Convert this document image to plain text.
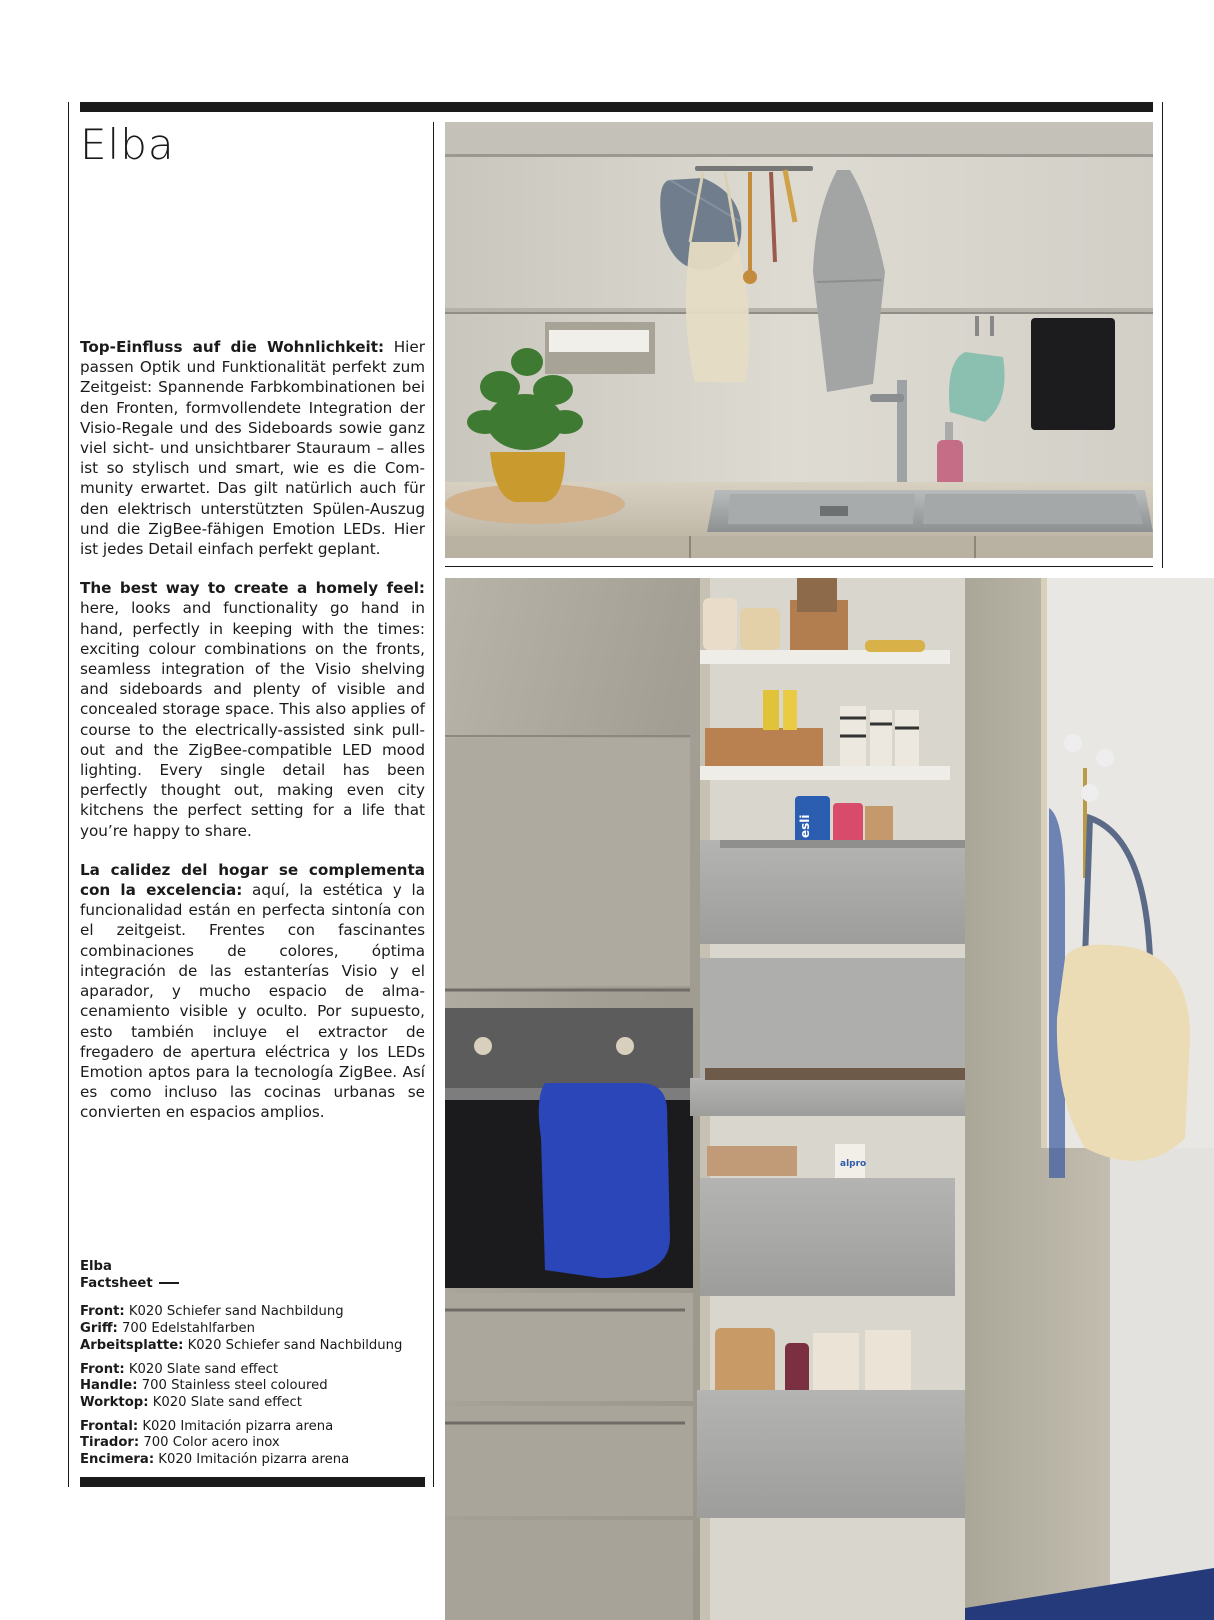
Elba

Top-Einfluss auf die Wohnlichkeit: Hier passen Optik und Funktionalität perfekt zum Zeitgeist: Spannende Farbkombinationen bei den Fronten, formvollendete Integration der Visio-Regale und des Sideboards sowie ganz viel sicht- und unsichtbarer Stauraum – alles ist so stylisch und smart, wie es die Community erwartet. Das gilt natürlich auch für den elektrisch unterstützten Spülen-Auszug und die ZigBee-fähigen Emotion LEDs. Hier ist jedes Detail einfach perfekt geplant.

The best way to create a homely feel: here, looks and functionality go hand in hand, perfectly in keeping with the times: exciting colour combinations on the fronts, seamless integration of the Visio shelving and sideboards and plenty of visible and concealed storage space. This also applies of course to the electrically-assisted sink pull-out and the ZigBee-compatible LED mood lighting. Every single detail has been perfectly thought out, making even city kitchens the perfect setting for a life that you’re happy to share.

La calidez del hogar se complementa con la excelencia: aquí, la estética y la funcionalidad están en perfecta sintonía con el zeitgeist. Frentes con fascinantes combinaciones de colores, óptima integración de las estanterías Visio y el aparador, y mucho espacio de almacenamiento visible y oculto. Por supuesto, esto también incluye el extractor de fregadero de apertura eléctrica y los LEDs Emotion aptos para la tecnología ZigBee. Así es como incluso las cocinas urbanas se convierten en espacios amplios.

Elba

Factsheet

Front: K020 Schiefer sand Nachbildung

Griff: 700 Edelstahlfarben

Arbeitsplatte: K020 Schiefer sand Nachbildung

Front: K020 Slate sand effect

Handle: 700 Stainless steel coloured

Worktop: K020 Slate sand effect

Frontal: K020 Imitación pizarra arena

Tirador: 700 Color acero inox

Encimera: K020 Imitación pizarra arena

esli
alpro
